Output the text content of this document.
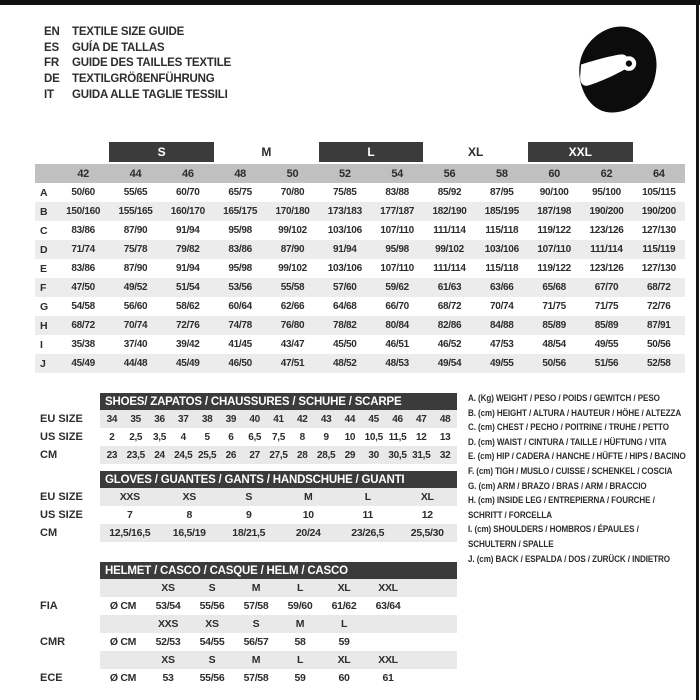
EN	TEXTILE SIZE GUIDE
ES	GUÍA DE TALLAS
FR	GUIDE DES TAILLES TEXTILE
DE	TEXTILGRÖßENFÜHRUNG
IT	GUIDA ALLE TAGLIE TESSILI
S	M	L	XL	XXL
42	44	46	48	50	52	54	56	58	60	62	64
A	50/60	55/65	60/70	65/75	70/80	75/85	83/88	85/92	87/95	90/100	95/100	105/115
B	150/160	155/165	160/170	165/175	170/180	173/183	177/187	182/190	185/195	187/198	190/200	190/200
C	83/86	87/90	91/94	95/98	99/102	103/106	107/110	111/114	115/118	119/122	123/126	127/130
D	71/74	75/78	79/82	83/86	87/90	91/94	95/98	99/102	103/106	107/110	111/114	115/119
E	83/86	87/90	91/94	95/98	99/102	103/106	107/110	111/114	115/118	119/122	123/126	127/130
F	47/50	49/52	51/54	53/56	55/58	57/60	59/62	61/63	63/66	65/68	67/70	68/72
G	54/58	56/60	58/62	60/64	62/66	64/68	66/70	68/72	70/74	71/75	71/75	72/76
H	68/72	70/74	72/76	74/78	76/80	78/82	80/84	82/86	84/88	85/89	85/89	87/91
I	35/38	37/40	39/42	41/45	43/47	45/50	46/51	46/52	47/53	48/54	49/55	50/56
J	45/49	44/48	45/49	46/50	47/51	48/52	48/53	49/54	49/55	50/56	51/56	52/58
SHOES/ ZAPATOS / CHAUSSURES / SCHUHE / SCARPE
EU SIZE	34	35	36	37	38	39	40	41	42	43	44	45	46	47	48
US SIZE	2	2,5	3,5	4	5	6	6,5	7,5	8	9	10 10,5 11,5 12	13
CM	23 23,5 24 24,5 25,5 26	27 27,5 28 28,5 29	30 30,5 31,5 32
GLOVES / GUANTES / GANTS / HANDSCHUHE / GUANTI
EU SIZE	XXS	XS	S	M	L	XL
US SIZE	7	8	9	10	11	12
CM	12,5/16,5	16,5/19	18/21,5	20/24	23/26,5	25,5/30
HELMET / CASCO / CASQUE / HELM / CASCO
XS	S	M	L	XL	XXL
FIA	Ø CM	53/54	55/56	57/58	59/60	61/62	63/64
XXS	XS	S	M	L
CMR	Ø CM	52/53	54/55	56/57	58	59
XS	S	M	L	XL	XXL
ECE	Ø CM	53	55/56	57/58	59	60	61
A. (Kg) WEIGHT / PESO / POIDS / GEWITCH / PESO
B. (cm) HEIGHT / ALTURA / HAUTEUR / HÖHE / ALTEZZA
C. (cm) CHEST / PECHO / POITRINE / TRUHE / PETTO
D. (cm) WAIST / CINTURA / TAILLE / HÜFTUNG / VITA
E. (cm) HIP / CADERA / HANCHE / HÜFTE / HIPS / BACINO
F. (cm) TIGH / MUSLO / CUISSE / SCHENKEL / COSCIA
G. (cm) ARM / BRAZO / BRAS / ARM / BRACCIO
H. (cm) INSIDE LEG / ENTREPIERNA / FOURCHE /
SCHRITT / FORCELLA
I. (cm) SHOULDERS / HOMBROS / ÉPAULES /
SCHULTERN / SPALLE
J. (cm) BACK / ESPALDA / DOS / ZURÜCK / INDIETRO
